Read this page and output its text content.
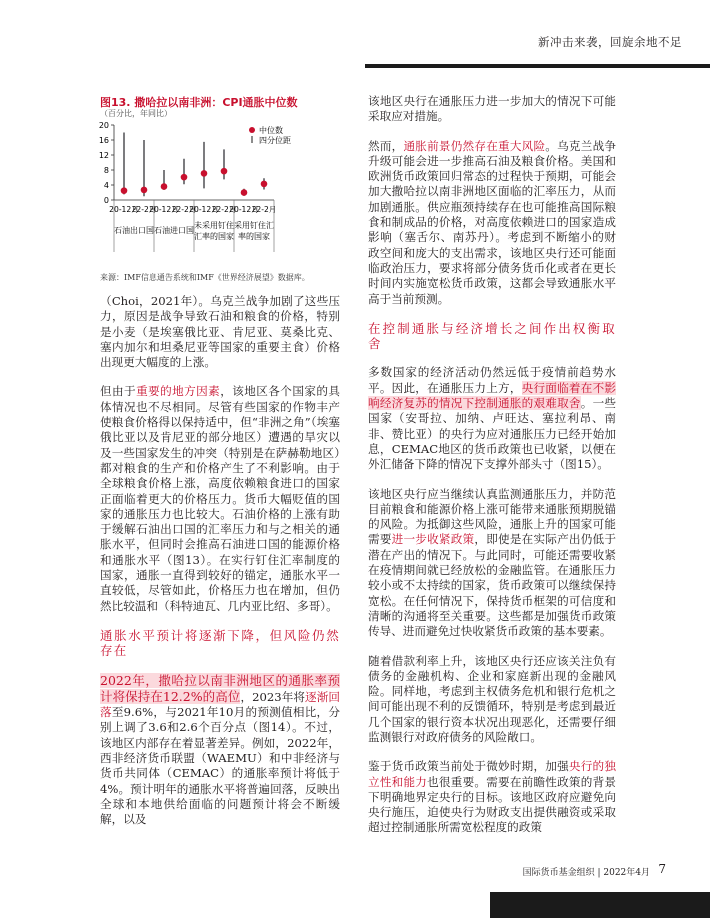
新冲击来袭，回旋余地不足
图13. 撒哈拉以南非洲：CPI通胀中位数
（百分比，年同比）
0
4
8
12
16
20
20-12月
22-2月
20-12月
22-2月
20-12月
22-2月
20-12月
22-2月
石油出口国 石油进口国
未采用钉住汇率的国家
采用钉住汇率的国家
中位数
四分位距
来源：IMF信息通告系统和IMF《世界经济展望》数据库。

（Choi，2021年）。乌克兰战争加剧了这些压力，原因是战争导致石油和粮食的价格，特别是小麦（是埃塞俄比亚、肯尼亚、莫桑比克、塞内加尔和坦桑尼亚等国家的重要主食）价格出现更大幅度的上涨。

但由于重要的地方因素，该地区各个国家的具体情况也不尽相同。尽管有些国家的作物丰产使粮食价格得以保持适中，但“非洲之角”（埃塞俄比亚以及肯尼亚的部分地区）遭遇的旱灾以及一些国家发生的冲突（特别是在萨赫勒地区）都对粮食的生产和价格产生了不利影响。由于全球粮食价格上涨，高度依赖粮食进口的国家正面临着更大的价格压力。货币大幅贬值的国家的通胀压力也比较大。石油价格的上涨有助于缓解石油出口国的汇率压力和与之相关的通胀水平，但同时会推高石油进口国的能源价格和通胀水平（图13）。在实行钉住汇率制度的国家，通胀一直得到较好的锚定，通胀水平一直较低，尽管如此，价格压力也在增加，但仍然比较温和（科特迪瓦、几内亚比绍、多哥）。

通胀水平预计将逐渐下降，但风险仍然存在

2022年，撒哈拉以南非洲地区的通胀率预计将保持在12.2%的高位，2023年将逐渐回落至9.6%，与2021年10月的预测值相比，分别上调了3.6和2.6个百分点（图14）。不过，该地区内部存在着显著差异。例如，2022年，西非经济货币联盟（WAEMU）和中非经济与货币共同体（CEMAC）的通胀率预计将低于4%。预计明年的通胀水平将普遍回落，反映出全球和本地供给面临的问题预计将会不断缓解，以及

该地区央行在通胀压力进一步加大的情况下可能采取应对措施。

然而，通胀前景仍然存在重大风险。乌克兰战争升级可能会进一步推高石油及粮食价格。美国和欧洲货币政策回归常态的过程快于预期，可能会加大撒哈拉以南非洲地区面临的汇率压力，从而加剧通胀。供应瓶颈持续存在也可能推高国际粮食和制成品的价格，对高度依赖进口的国家造成影响（塞舌尔、南苏丹）。考虑到不断缩小的财政空间和庞大的支出需求，该地区央行还可能面临政治压力，要求将部分债务货币化或者在更长时间内实施宽松货币政策，这都会导致通胀水平高于当前预测。

在控制通胀与经济增长之间作出权衡取舍

多数国家的经济活动仍然远低于疫情前趋势水平。因此，在通胀压力上方，央行面临着在不影响经济复苏的情况下控制通胀的艰难取舍。一些国家（安哥拉、加纳、卢旺达、塞拉利昂、南非、赞比亚）的央行为应对通胀压力已经开始加息，CEMAC地区的货币政策也已收紧，以便在外汇储备下降的情况下支撑外部头寸（图15）。

该地区央行应当继续认真监测通胀压力，并防范目前粮食和能源价格上涨可能带来通胀预期脱锚的风险。为抵御这些风险，通胀上升的国家可能需要进一步收紧政策，即使是在实际产出仍低于潜在产出的情况下。与此同时，可能还需要收紧在疫情期间就已经放松的金融监管。在通胀压力较小或不太持续的国家，货币政策可以继续保持宽松。在任何情况下，保持货币框架的可信度和清晰的沟通将至关重要。这些都是加强货币政策传导、进而避免过快收紧货币政策的基本要素。

随着借款利率上升，该地区央行还应该关注负有债务的金融机构、企业和家庭新出现的金融风险。同样地，考虑到主权债务危机和银行危机之间可能出现不利的反馈循环，特别是考虑到最近几个国家的银行资本状况出现恶化，还需要仔细监测银行对政府债务的风险敞口。

鉴于货币政策当前处于微妙时期，加强央行的独立性和能力也很重要。需要在前瞻性政策的背景下明确地界定央行的目标。该地区政府应避免向央行施压，迫使央行为财政支出提供融资或采取超过控制通胀所需宽松程度的政策

国际货币基金组织 | 2022年4月 7
